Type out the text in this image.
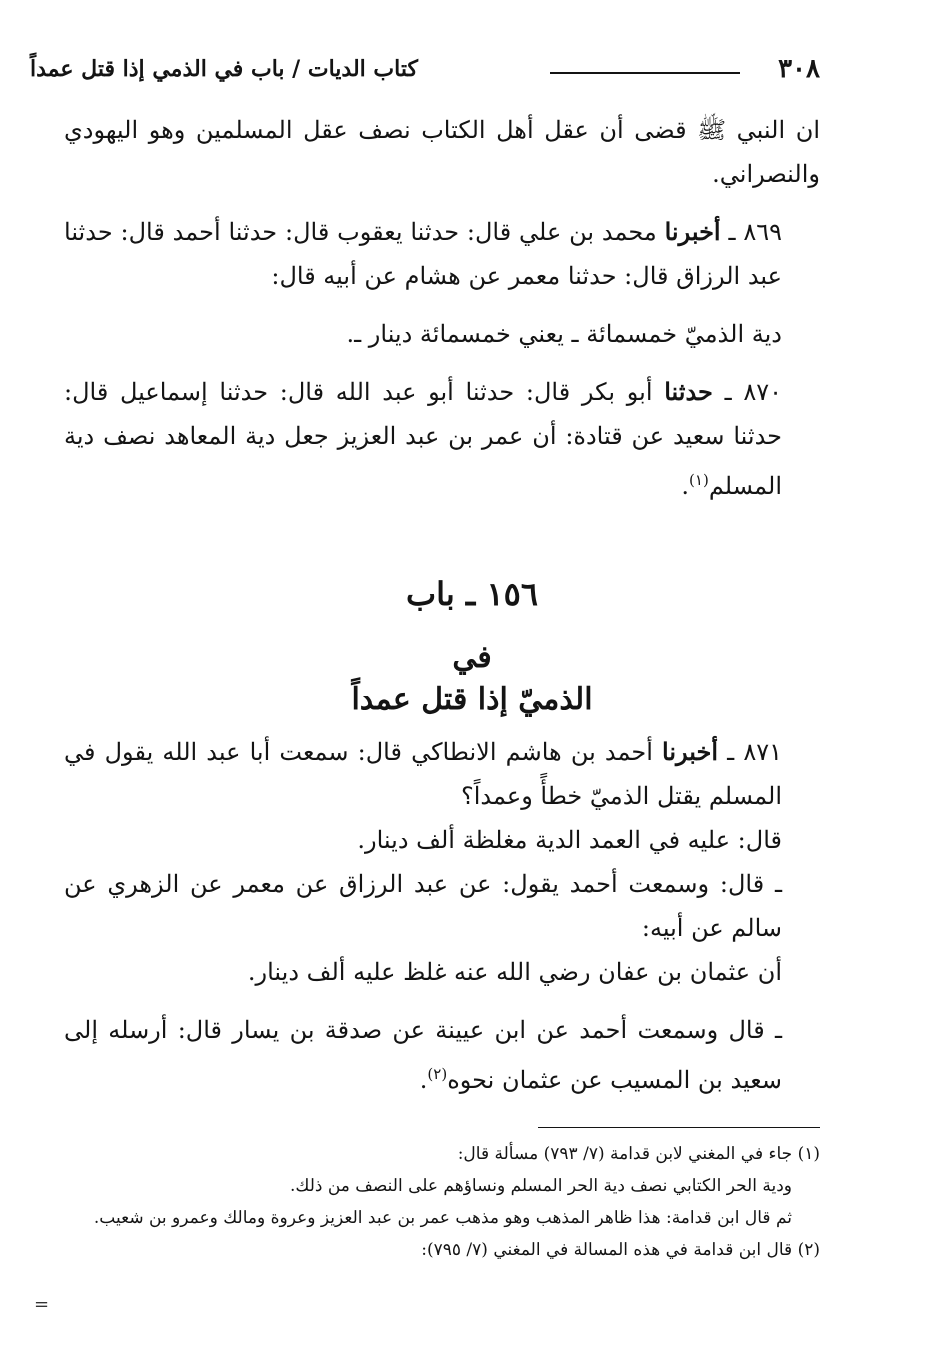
٣٠٨
كتاب الديات / باب في الذمي إذا قتل عمداً

ان النبي ﷺ قضى أن عقل أهل الكتاب نصف عقل المسلمين وهو اليهودي والنصراني.

٨٦٩ ـ أخبرنا محمد بن علي قال: حدثنا يعقوب قال: حدثنا أحمد قال: حدثنا عبد الرزاق قال: حدثنا معمر عن هشام عن أبيه قال:

دية الذميّ خمسمائة ـ يعني خمسمائة دينار ـ.

٨٧٠ ـ حدثنا أبو بكر قال: حدثنا أبو عبد الله قال: حدثنا إسماعيل قال: حدثنا سعيد عن قتادة: أن عمر بن عبد العزيز جعل دية المعاهد نصف دية المسلم$^{(١)}$.

١٥٦ ـ باب
في
الذميّ إذا قتل عمداً

٨٧١ ـ أخبرنا أحمد بن هاشم الانطاكي قال: سمعت أبا عبد الله يقول في المسلم يقتل الذميّ خطأً وعمداً؟

قال: عليه في العمد الدية مغلظة ألف دينار.

ـ قال: وسمعت أحمد يقول: عن عبد الرزاق عن معمر عن الزهري عن سالم عن أبيه:

أن عثمان بن عفان رضي الله عنه غلظ عليه ألف دينار.

ـ قال وسمعت أحمد عن ابن عيينة عن صدقة بن يسار قال: أرسله إلى سعيد بن المسيب عن عثمان نحوه$^{(٢)}$.

(١) جاء في المغني لابن قدامة (٧/ ٧٩٣) مسألة قال:

ودية الحر الكتابي نصف دية الحر المسلم ونساؤهم على النصف من ذلك.

ثم قال ابن قدامة: هذا ظاهر المذهب وهو مذهب عمر بن عبد العزيز وعروة ومالك وعمرو بن شعيب.

(٢) قال ابن قدامة في هذه المسالة في المغني (٧/ ٧٩٥):

=
